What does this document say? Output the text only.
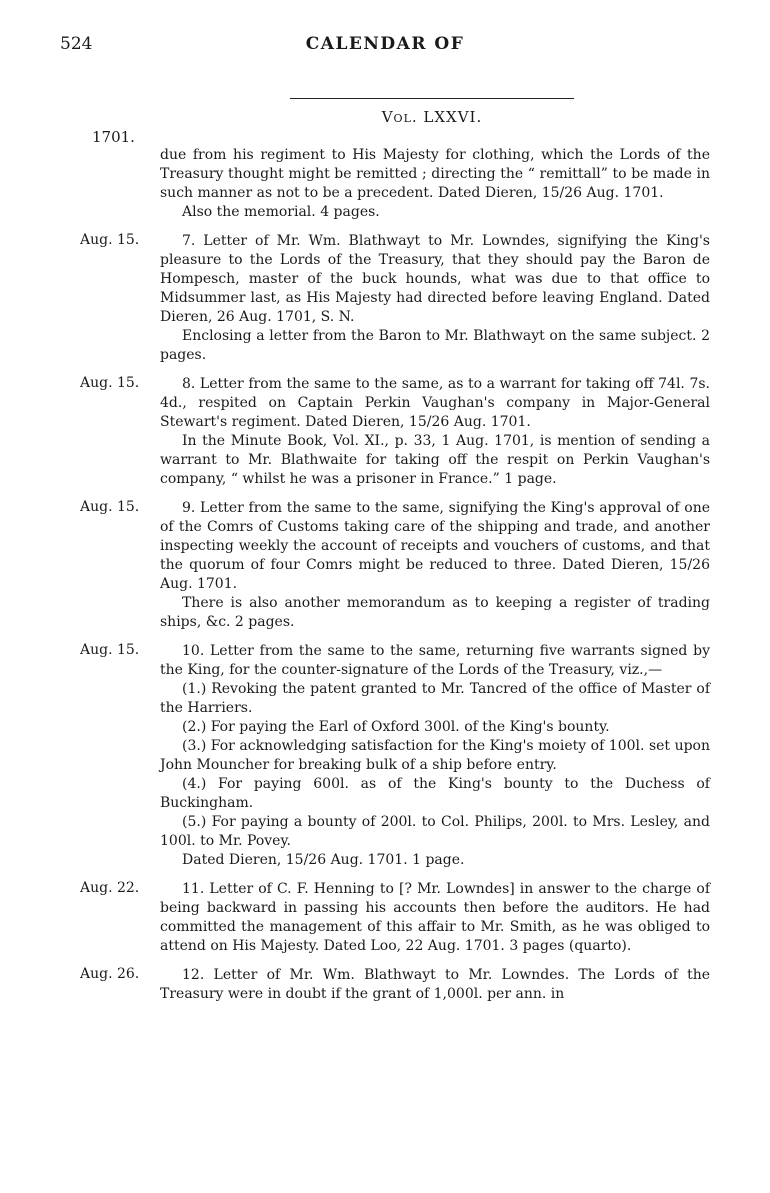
524	CALENDAR OF
Vol. LXXVI.
1701.

due from his regiment to His Majesty for clothing, which the Lords of the Treasury thought might be remitted ; directing the “ remittall” to be made in such manner as not to be a precedent. Dated Dieren, 15/26 Aug. 1701.

Also the memorial. 4 pages.

Aug. 15.	7. Letter of Mr. Wm. Blathwayt to Mr. Lowndes, signifying the King's pleasure to the Lords of the Treasury, that they should pay the Baron de Hompesch, master of the buck hounds, what was due to that office to Midsummer last, as His Majesty had directed before leaving England. Dated Dieren, 26 Aug. 1701, S. N.

Enclosing a letter from the Baron to Mr. Blathwayt on the same subject. 2 pages.

Aug. 15.	8. Letter from the same to the same, as to a warrant for taking off 74l. 7s. 4d., respited on Captain Perkin Vaughan's company in Major-General Stewart's regiment. Dated Dieren, 15/26 Aug. 1701.

In the Minute Book, Vol. XI., p. 33, 1 Aug. 1701, is mention of sending a warrant to Mr. Blathwaite for taking off the respit on Perkin Vaughan's company, “ whilst he was a prisoner in France.” 1 page.

Aug. 15.	9. Letter from the same to the same, signifying the King's approval of one of the Comrs of Customs taking care of the shipping and trade, and another inspecting weekly the account of receipts and vouchers of customs, and that the quorum of four Comrs might be reduced to three. Dated Dieren, 15/26 Aug. 1701.

There is also another memorandum as to keeping a register of trading ships, &c. 2 pages.

Aug. 15.	10. Letter from the same to the same, returning five warrants signed by the King, for the counter-signature of the Lords of the Treasury, viz.,—

(1.) Revoking the patent granted to Mr. Tancred of the office of Master of the Harriers.

(2.) For paying the Earl of Oxford 300l. of the King's bounty.

(3.) For acknowledging satisfaction for the King's moiety of 100l. set upon John Mouncher for breaking bulk of a ship before entry.

(4.) For paying 600l. as of the King's bounty to the Duchess of Buckingham.

(5.) For paying a bounty of 200l. to Col. Philips, 200l. to Mrs. Lesley, and 100l. to Mr. Povey.

Dated Dieren, 15/26 Aug. 1701. 1 page.

Aug. 22.	11. Letter of C. F. Henning to [? Mr. Lowndes] in answer to the charge of being backward in passing his accounts then before the auditors. He had committed the management of this affair to Mr. Smith, as he was obliged to attend on His Majesty. Dated Loo, 22 Aug. 1701. 3 pages (quarto).

Aug. 26.	12. Letter of Mr. Wm. Blathwayt to Mr. Lowndes. The Lords of the Treasury were in doubt if the grant of 1,000l. per ann. in
